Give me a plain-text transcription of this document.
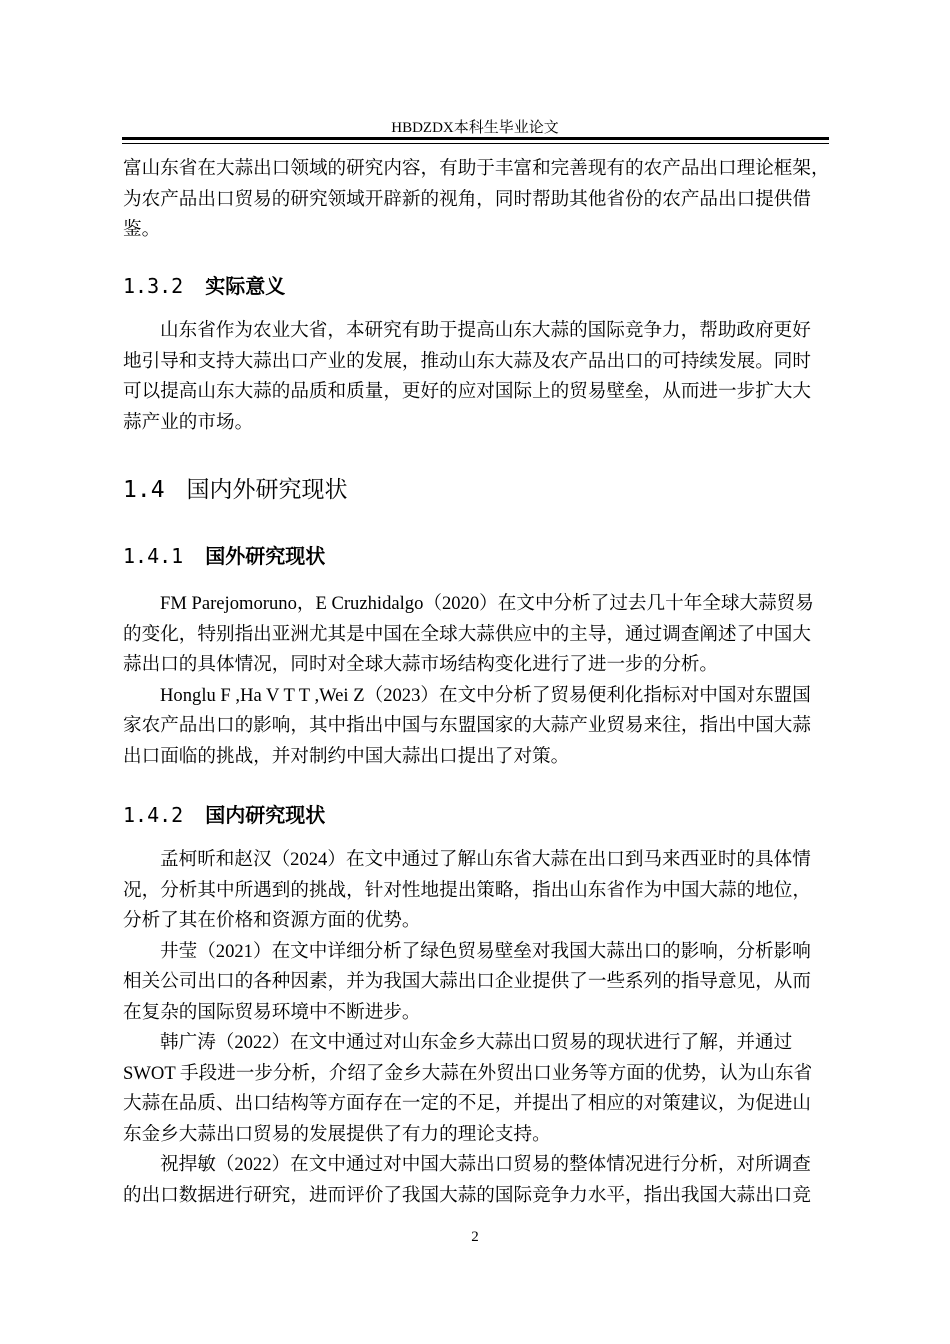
HBDZDX本科生毕业论文
富山东省在大蒜出口领域的研究内容，有助于丰富和完善现有的农产品出口理论框架，
为农产品出口贸易的研究领域开辟新的视角，同时帮助其他省份的农产品出口提供借
鉴。
1.3.2 实际意义
山东省作为农业大省，本研究有助于提高山东大蒜的国际竞争力，帮助政府更好
地引导和支持大蒜出口产业的发展，推动山东大蒜及农产品出口的可持续发展。同时
可以提高山东大蒜的品质和质量，更好的应对国际上的贸易壁垒，从而进一步扩大大
蒜产业的市场。
1.4 国内外研究现状
1.4.1 国外研究现状
FM Parejomoruno，E Cruzhidalgo（2020）在文中分析了过去几十年全球大蒜贸易
的变化，特别指出亚洲尤其是中国在全球大蒜供应中的主导，通过调查阐述了中国大
蒜出口的具体情况，同时对全球大蒜市场结构变化进行了进一步的分析。
Honglu F ,Ha V T T ,Wei Z（2023）在文中分析了贸易便利化指标对中国对东盟国
家农产品出口的影响，其中指出中国与东盟国家的大蒜产业贸易来往，指出中国大蒜
出口面临的挑战，并对制约中国大蒜出口提出了对策。
1.4.2 国内研究现状
孟柯昕和赵汉（2024）在文中通过了解山东省大蒜在出口到马来西亚时的具体情
况，分析其中所遇到的挑战，针对性地提出策略，指出山东省作为中国大蒜的地位，
分析了其在价格和资源方面的优势。
井莹（2021）在文中详细分析了绿色贸易壁垒对我国大蒜出口的影响，分析影响
相关公司出口的各种因素，并为我国大蒜出口企业提供了一些系列的指导意见，从而
在复杂的国际贸易环境中不断进步。
韩广涛（2022）在文中通过对山东金乡大蒜出口贸易的现状进行了解，并通过
SWOT 手段进一步分析，介绍了金乡大蒜在外贸出口业务等方面的优势，认为山东省
大蒜在品质、出口结构等方面存在一定的不足，并提出了相应的对策建议，为促进山
东金乡大蒜出口贸易的发展提供了有力的理论支持。
祝捍敏（2022）在文中通过对中国大蒜出口贸易的整体情况进行分析，对所调查
的出口数据进行研究，进而评价了我国大蒜的国际竞争力水平，指出我国大蒜出口竞
2
